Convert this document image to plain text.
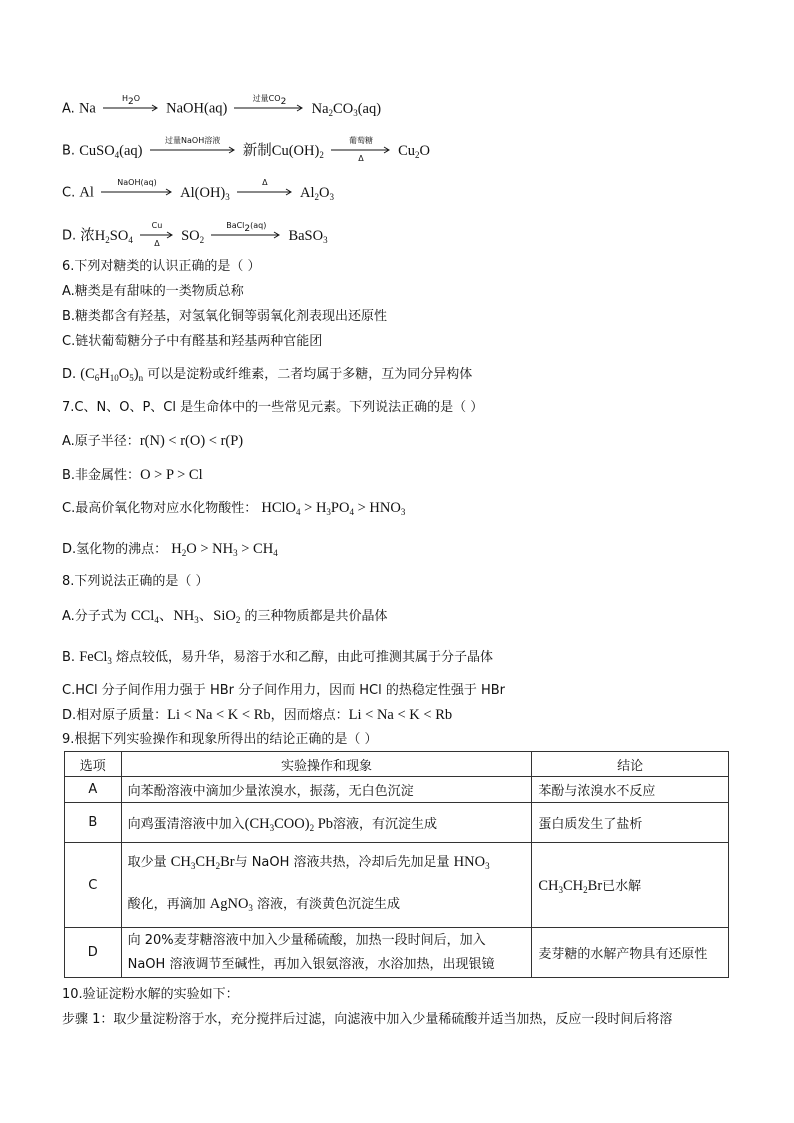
A. Na
$H_2O$
NaOH(aq)
过量$CO_2$	$Na_2CO_3(aq)$
B. CuSO$_4$(aq)
过量NaOH溶液
新制$Cu(OH)_2$
葡萄糖
Δ	$Cu_2O$
C. Al
NaOH(aq)
$Al(OH)_3$
Δ
$Al_2O_3$
D. 浓$H_2SO_4$
Cu
Δ	$SO_2$
BaCl$_2$(aq)
BaSO$_3$
6.下列对糖类的认识正确的是（ ）
A.糖类是有甜味的一类物质总称
B.糖类都含有羟基，对氢氧化铜等弱氧化剂表现出还原性
C.链状葡萄糖分子中有醛基和羟基两种官能团
D. $(C_6H_{10}O_5)_n$ 可以是淀粉或纤维素，二者均属于多糖，互为同分异构体
7.C、N、O、P、Cl 是生命体中的一些常见元素。下列说法正确的是（ ）
A.原子半径：r(N) < r(O) < r(P)
B.非金属性：O > P > Cl
C.最高价氧化物对应水化物酸性： HClO$_4$ > $H_3PO_4 > HNO_3$
D.氢化物的沸点： $H_2O > NH_3 > CH_4$
8.下列说法正确的是（ ）
A.分子式为 CCl$_4$、$NH_3$、SiO$_2$ 的三种物质都是共价晶体
B. FeCl$_3$ 熔点较低，易升华，易溶于水和乙醇，由此可推测其属于分子晶体
C.HCl 分子间作用力强于 HBr 分子间作用力，因而 HCl 的热稳定性强于 HBr
D.相对原子质量：Li < Na < K < Rb，因而熔点：Li < Na < K < Rb
9.根据下列实验操作和现象所得出的结论正确的是（ ）
选项	实验操作和现象	结论
A	向苯酚溶液中滴加少量浓溴水，振荡，无白色沉淀	苯酚与浓溴水不反应
B	向鸡蛋清溶液中加入$(CH_3COO)_2$ Pb溶液，有沉淀生成	蛋白质发生了盐析
C	取少量 $CH_3CH_2Br$与 NaOH 溶液共热，冷却后先加足量 $HNO_3$
酸化，再滴加 AgNO$_3$ 溶液，有淡黄色沉淀生成	$CH_3CH_2Br$已水解
D	向 20%麦芽糖溶液中加入少量稀硫酸，加热一段时间后，加入
NaOH 溶液调节至碱性，再加入银氨溶液，水浴加热，出现银镜	麦芽糖的水解产物具有还原性
10.验证淀粉水解的实验如下：
步骤 1：取少量淀粉溶于水，充分搅拌后过滤，向滤液中加入少量稀硫酸并适当加热，反应一段时间后将溶
